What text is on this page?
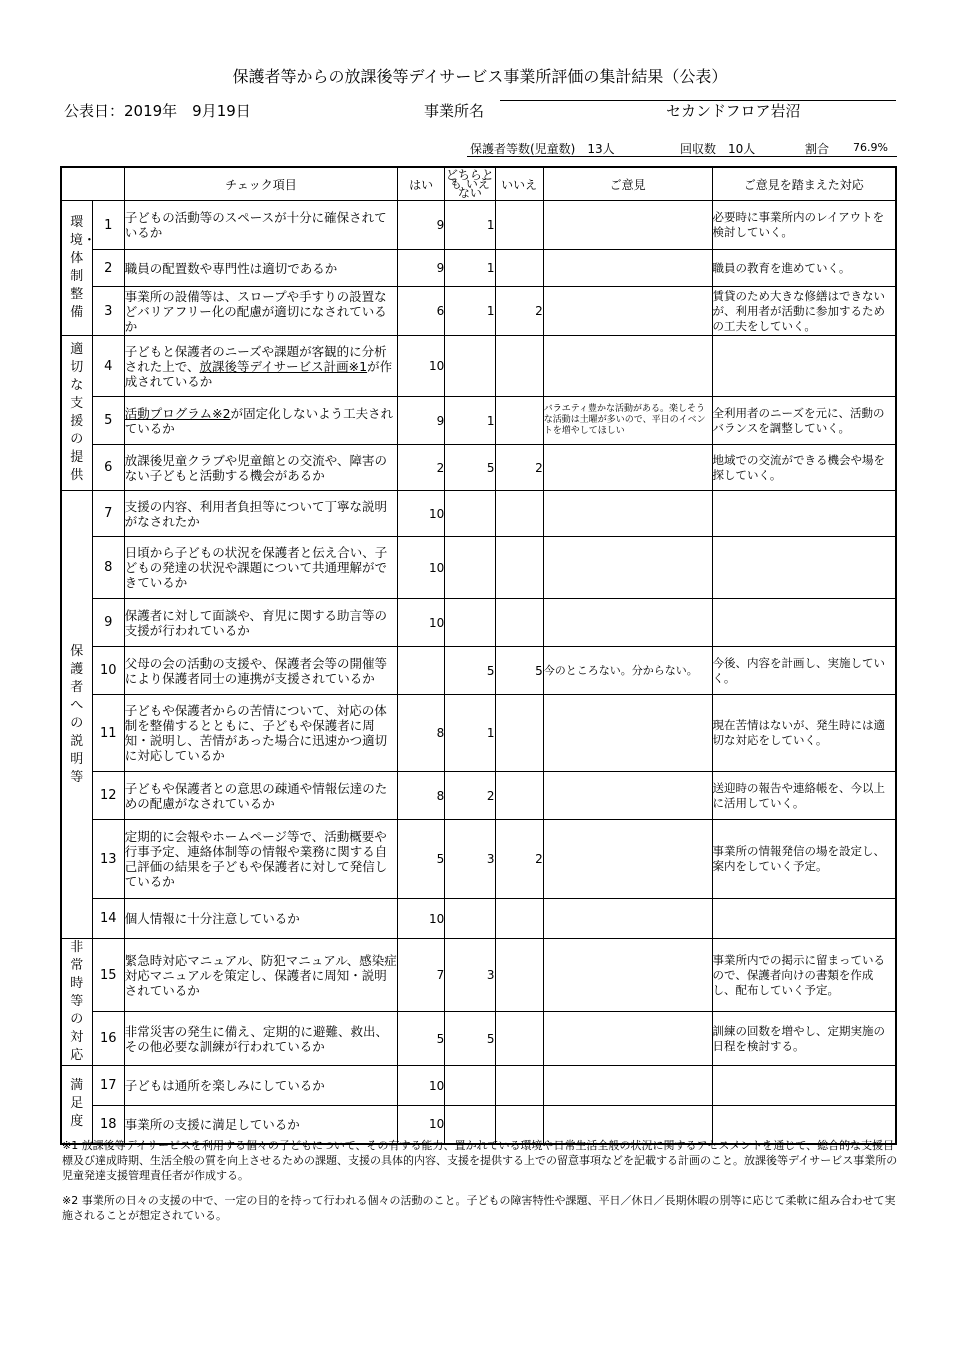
保護者等からの放課後等デイサービス事業所評価の集計結果（公表）
公表日：2019年　9月19日	事業所名	セカンドフロア岩沼
保護者等数(児童数)　13人	回収数　10人	割合 76.9%
		チェック項目	はい	どちらとも いえない	いいえ	ご意見	ご意見を踏まえた対応

環境・体制整備	1	子どもの活動等のスペースが十分に確保されているか	9	1			必要時に事業所内のレイアウトを検討していく。
	2	職員の配置数や専門性は適切であるか	9	1			職員の教育を進めていく。
	3	事業所の設備等は、スロープや手すりの設置などバリアフリー化の配慮が適切になされているか	6	1	2		賃貸のため大きな修繕はできないが、利用者が活動に参加するための工夫をしていく。

適切な支援の提供	4	子どもと保護者のニーズや課題が客観的に分析された上で、放課後等デイサービス計画※1が作成されているか	10				
	5	活動プログラム※2が固定化しないよう工夫されているか	9	1		バラエティ豊かな活動がある。楽しそうな活動は土曜が多いので、平日のイベントを増やしてほしい	全利用者のニーズを元に、活動のバランスを調整していく。
	6	放課後児童クラブや児童館との交流や、障害のない子どもと活動する機会があるか	2	5	2		地域での交流ができる機会や場を探していく。

保護者への説明等	7	支援の内容、利用者負担等について丁寧な説明がなされたか	10				
	8	日頃から子どもの状況を保護者と伝え合い、子どもの発達の状況や課題について共通理解ができているか	10				
	9	保護者に対して面談や、育児に関する助言等の支援が行われているか	10				
	10	父母の会の活動の支援や、保護者会等の開催等により保護者同士の連携が支援されているか		5	5	今のところない。分からない。	今後、内容を計画し、実施していく。
	11	子どもや保護者からの苦情について、対応の体制を整備するとともに、子どもや保護者に周知・説明し、苦情があった場合に迅速かつ適切に対応しているか	8	1			現在苦情はないが、発生時には適切な対応をしていく。
	12	子どもや保護者との意思の疎通や情報伝達のための配慮がなされているか	8	2			送迎時の報告や連絡帳を、今以上に活用していく。
	13	定期的に会報やホームページ等で、活動概要や行事予定、連絡体制等の情報や業務に関する自己評価の結果を子どもや保護者に対して発信しているか	5	3	2		事業所の情報発信の場を設定し、案内をしていく予定。
	14	個人情報に十分注意しているか	10				

非常時等の対応	15	緊急時対応マニュアル、防犯マニュアル、感染症対応マニュアルを策定し、保護者に周知・説明されているか	7	3			事業所内での掲示に留まっているので、保護者向けの書類を作成し、配布していく予定。
	16	非常災害の発生に備え、定期的に避難、救出、その他必要な訓練が行われているか	5	5			訓練の回数を増やし、定期実施の日程を検討する。

満足度	17	子どもは通所を楽しみにしているか	10				
	18	事業所の支援に満足しているか	10				
※1 放課後等デイサービスを利用する個々の子どもについて、その有する能力、置かれている環境や日常生活全般の状況に関するアセスメントを通じて、総合的な支援目標及び達成時期、生活全般の質を向上させるための課題、支援の具体的内容、支援を提供する上での留意事項などを記載する計画のこと。放課後等デイサービス事業所の児童発達支援管理責任者が作成する。
※2 事業所の日々の支援の中で、一定の目的を持って行われる個々の活動のこと。子どもの障害特性や課題、平日／休日／長期休暇の別等に応じて柔軟に組み合わせて実施されることが想定されている。
